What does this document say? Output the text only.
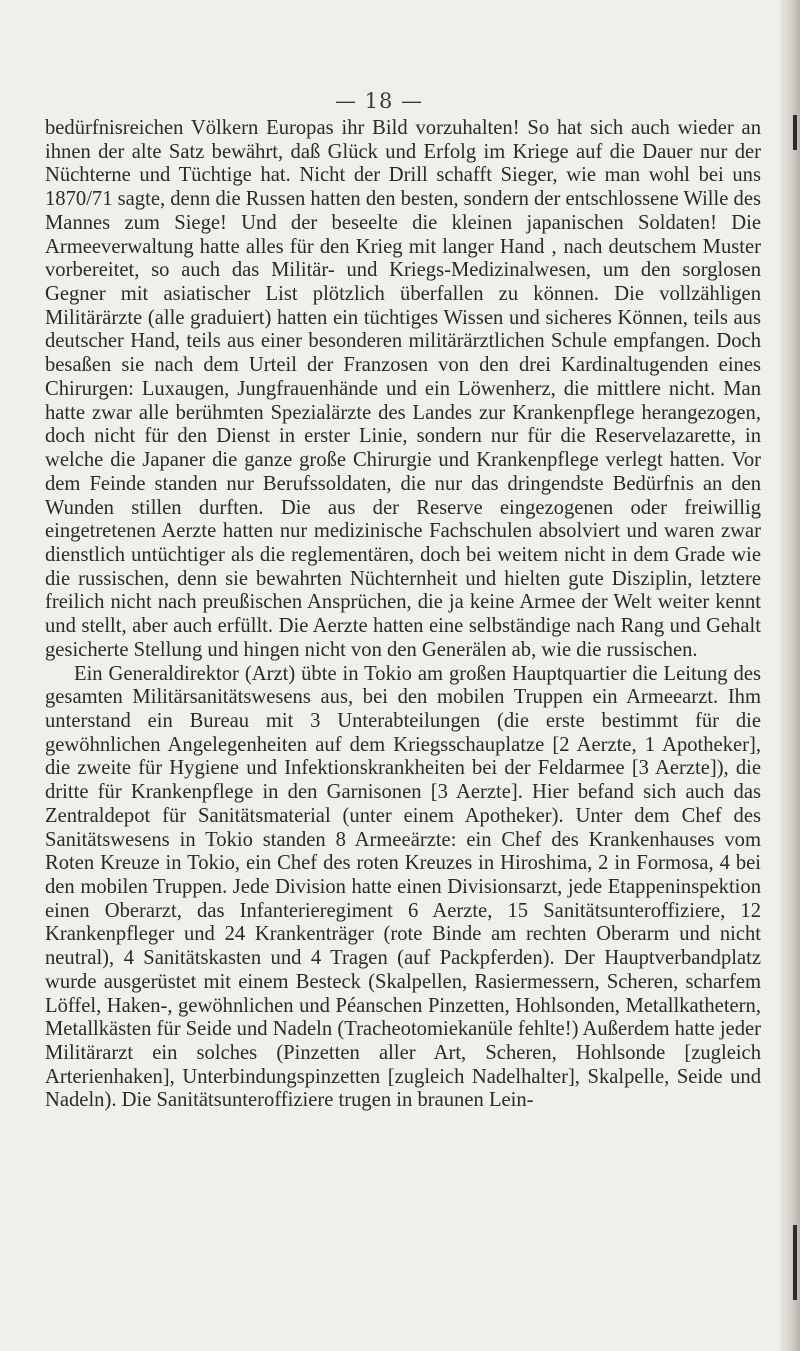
— 18 —

bedürfnisreichen Völkern Europas ihr Bild vorzuhalten! So hat sich auch wieder an ihnen der alte Satz bewährt, daß Glück und Erfolg im Kriege auf die Dauer nur der Nüchterne und Tüchtige hat. Nicht der Drill schafft Sieger, wie man wohl bei uns 1870/71 sagte, denn die Russen hatten den besten, sondern der entschlossene Wille des Mannes zum Siege! Und der beseelte die kleinen japanischen Soldaten! Die Armeeverwaltung hatte alles für den Krieg mit langer Hand ‚ nach deutschem Muster vorbereitet, so auch das Militär- und Kriegs-Medizinalwesen, um den sorglosen Gegner mit asiatischer List plötzlich überfallen zu können. Die vollzähligen Militärärzte (alle graduiert) hatten ein tüchtiges Wissen und sicheres Können, teils aus deutscher Hand, teils aus einer besonderen militärärztlichen Schule empfangen. Doch besaßen sie nach dem Urteil der Franzosen von den drei Kardinaltugenden eines Chirurgen: Luxaugen, Jungfrauenhände und ein Löwenherz, die mittlere nicht. Man hatte zwar alle berühmten Spezialärzte des Landes zur Krankenpflege herangezogen, doch nicht für den Dienst in erster Linie, sondern nur für die Reservelazarette, in welche die Japaner die ganze große Chirurgie und Krankenpflege verlegt hatten. Vor dem Feinde standen nur Berufssoldaten, die nur das dringendste Bedürfnis an den Wunden stillen durften. Die aus der Reserve eingezogenen oder freiwillig eingetretenen Aerzte hatten nur medizinische Fachschulen absolviert und waren zwar dienstlich untüchtiger als die reglementären, doch bei weitem nicht in dem Grade wie die russischen, denn sie bewahrten Nüchternheit und hielten gute Disziplin, letztere freilich nicht nach preußischen Ansprüchen, die ja keine Armee der Welt weiter kennt und stellt, aber auch erfüllt. Die Aerzte hatten eine selbständige nach Rang und Gehalt gesicherte Stellung und hingen nicht von den Generälen ab, wie die russischen.

Ein Generaldirektor (Arzt) übte in Tokio am großen Hauptquartier die Leitung des gesamten Militärsanitätswesens aus, bei den mobilen Truppen ein Armeearzt. Ihm unterstand ein Bureau mit 3 Unterabteilungen (die erste bestimmt für die gewöhnlichen Angelegenheiten auf dem Kriegsschauplatze [2 Aerzte, 1 Apotheker], die zweite für Hygiene und Infektionskrankheiten bei der Feldarmee [3 Aerzte]), die dritte für Krankenpflege in den Garnisonen [3 Aerzte]. Hier befand sich auch das Zentraldepot für Sanitätsmaterial (unter einem Apotheker). Unter dem Chef des Sanitätswesens in Tokio standen 8 Armeeärzte: ein Chef des Krankenhauses vom Roten Kreuze in Tokio, ein Chef des roten Kreuzes in Hiroshima, 2 in Formosa, 4 bei den mobilen Truppen. Jede Division hatte einen Divisionsarzt, jede Etappeninspektion einen Oberarzt, das Infanterieregiment 6 Aerzte, 15 Sanitätsunteroffiziere, 12 Krankenpfleger und 24 Krankenträger (rote Binde am rechten Oberarm und nicht neutral), 4 Sanitätskasten und 4 Tragen (auf Packpferden). Der Hauptverbandplatz wurde ausgerüstet mit einem Besteck (Skalpellen, Rasiermessern, Scheren, scharfem Löffel, Haken-, gewöhnlichen und Péanschen Pinzetten, Hohlsonden, Metallkathetern, Metallkästen für Seide und Nadeln (Tracheotomiekanüle fehlte!) Außerdem hatte jeder Militärarzt ein solches (Pinzetten aller Art, Scheren, Hohlsonde [zugleich Arterienhaken], Unterbindungspinzetten [zugleich Nadelhalter], Skalpelle, Seide und Nadeln). Die Sanitätsunteroffiziere trugen in braunen Lein-
